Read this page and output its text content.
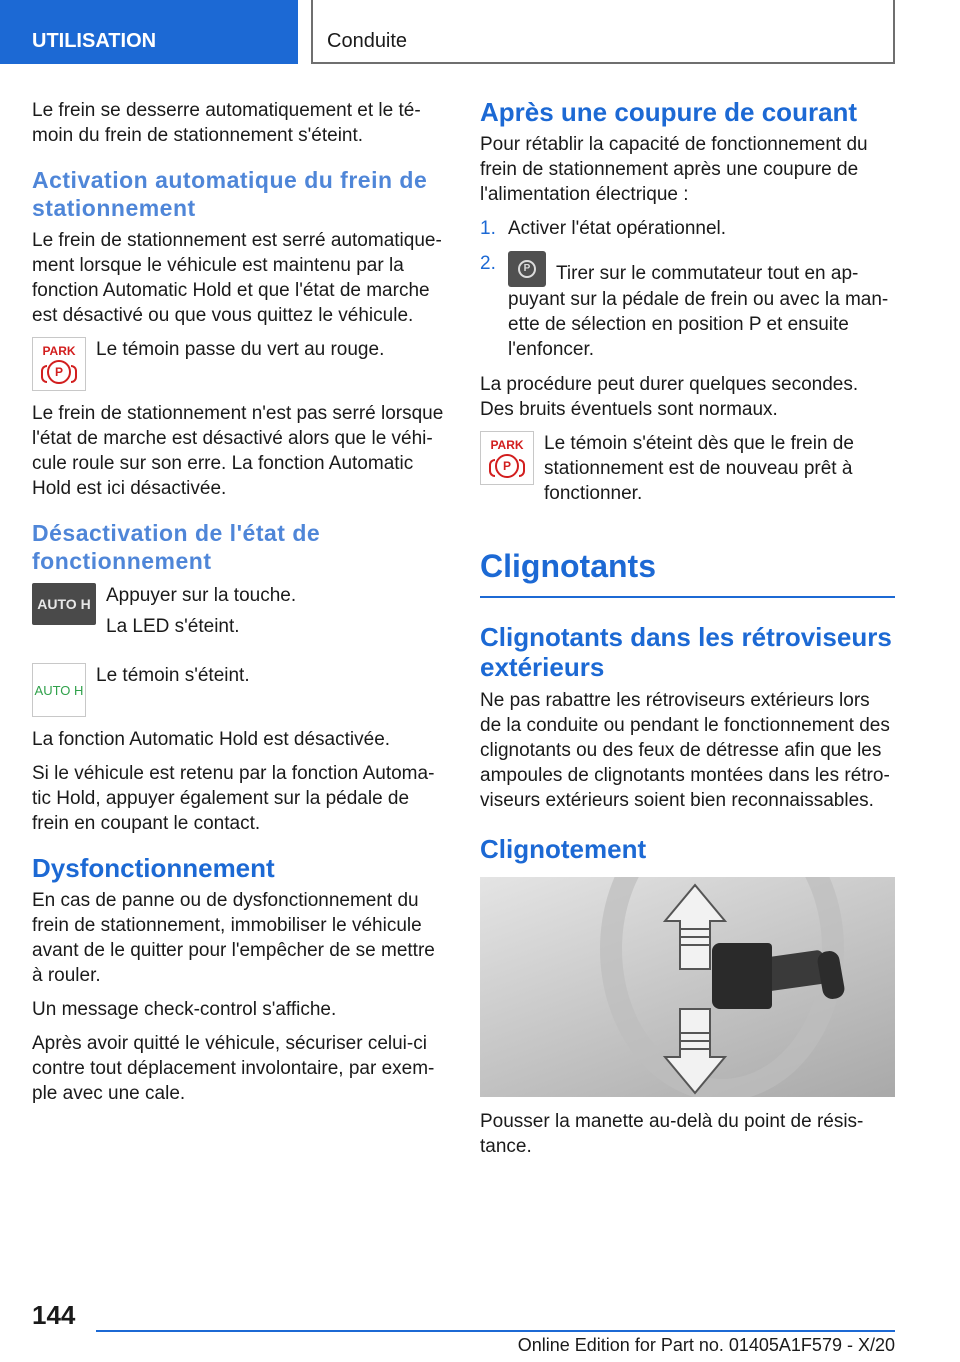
UTILISATION	Conduite

Le frein se desserre automatiquement et le té-moin du frein de stationnement s'éteint.

Activation automatique du frein de stationnement

Le frein de stationnement est serré automatique-ment lorsque le véhicule est maintenu par la fonction Automatic Hold et que l'état de marche est désactivé ou que vous quittez le véhicule.

PARK
P

Le témoin passe du vert au rouge.

Le frein de stationnement n'est pas serré lorsque l'état de marche est désactivé alors que le véhi-cule roule sur son erre. La fonction Automatic Hold est ici désactivée.

Désactivation de l'état de fonctionnement
AUTO H Appuyer sur la touche.

La LED s'éteint.

AUTO H

Le témoin s'éteint.

La fonction Automatic Hold est désactivée.

Si le véhicule est retenu par la fonction Automa-tic Hold, appuyer également sur la pédale de frein en coupant le contact.

Dysfonctionnement

En cas de panne ou de dysfonctionnement du frein de stationnement, immobiliser le véhicule avant de le quitter pour l'empêcher de se mettre à rouler.

Un message check-control s'affiche.

Après avoir quitté le véhicule, sécuriser celui-ci contre tout déplacement involontaire, par exem-ple avec une cale.

Après une coupure de courant

Pour rétablir la capacité de fonctionnement du frein de stationnement après une coupure de l'alimentation électrique :

1. Activer l'état opérationnel.
2.	P Tirer sur le commutateur tout en ap-puyant sur la pédale de frein ou avec la man-ette de sélection en position P et ensuite l'enfoncer.

La procédure peut durer quelques secondes. Des bruits éventuels sont normaux.

PARK
P

Le témoin s'éteint dès que le frein de stationnement est de nouveau prêt à fonctionner.

Clignotants
Clignotants dans les rétroviseurs extérieurs

Ne pas rabattre les rétroviseurs extérieurs lors de la conduite ou pendant le fonctionnement des clignotants ou des feux de détresse afin que les ampoules de clignotants montées dans les rétro-viseurs extérieurs soient bien reconnaissables.

Clignotement

Pousser la manette au-delà du point de résis-tance.

144
Online Edition for Part no. 01405A1F579 - X/20
